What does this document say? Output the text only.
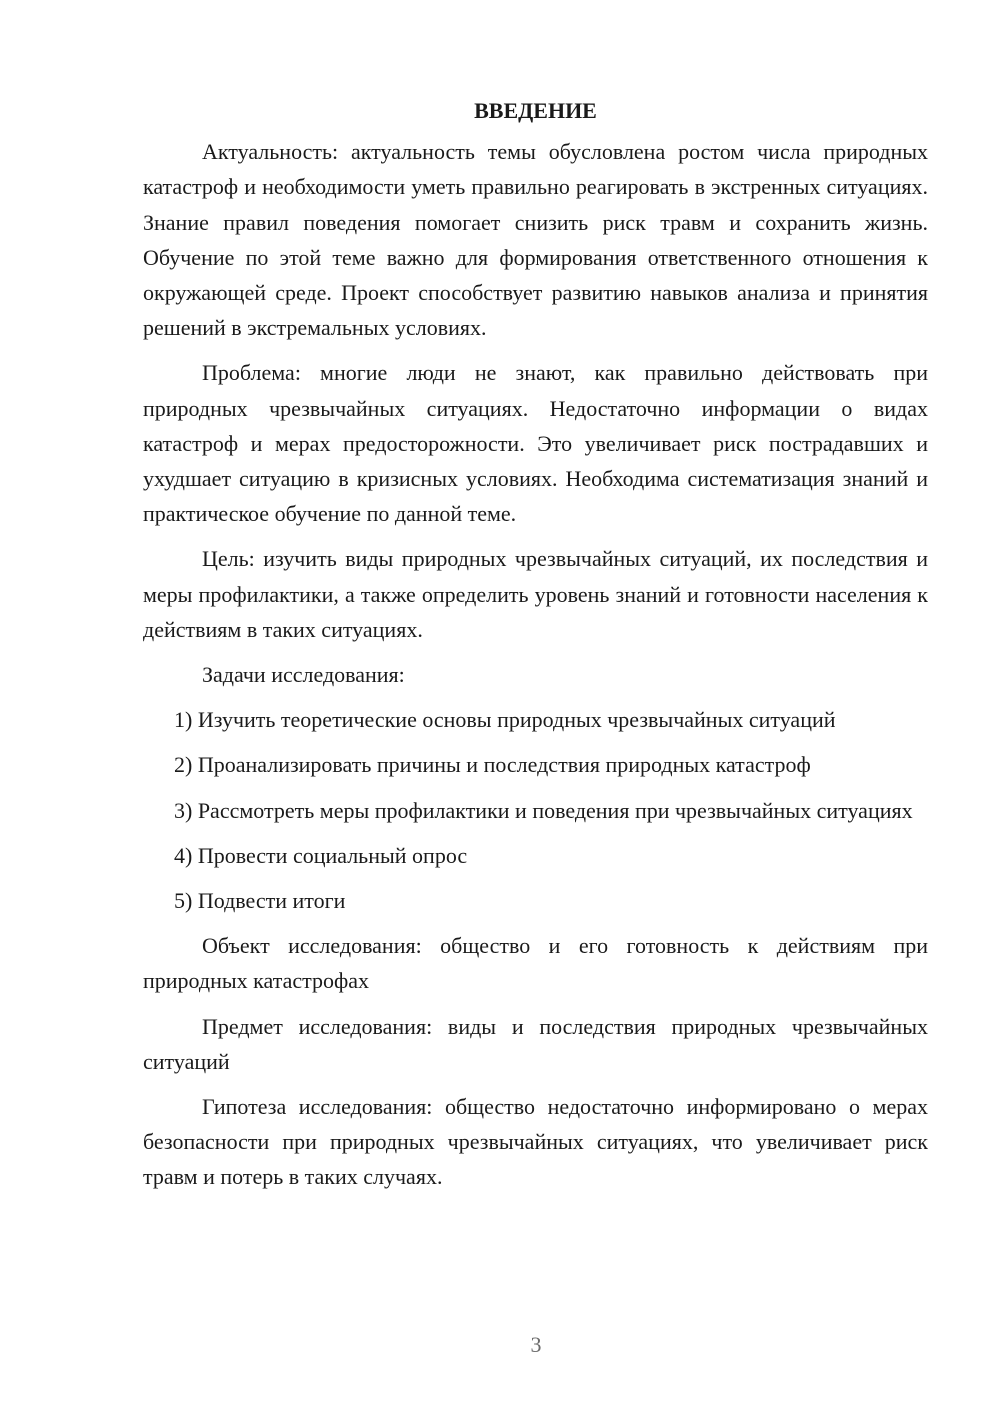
ВВЕДЕНИЕ

Актуальность: актуальность темы обусловлена ростом числа природных катастроф и необходимости уметь правильно реагировать в экстренных ситуациях. Знание правил поведения помогает снизить риск травм и сохранить жизнь. Обучение по этой теме важно для формирования ответственного отношения к окружающей среде. Проект способствует развитию навыков анализа и принятия решений в экстремальных условиях.

Проблема: многие люди не знают, как правильно действовать при природных чрезвычайных ситуациях. Недостаточно информации о видах катастроф и мерах предосторожности. Это увеличивает риск пострадавших и ухудшает ситуацию в кризисных условиях. Необходима систематизация знаний и практическое обучение по данной теме.

Цель: изучить виды природных чрезвычайных ситуаций, их последствия и меры профилактики, а также определить уровень знаний и готовности населения к действиям в таких ситуациях.

Задачи исследования:

1) Изучить теоретические основы природных чрезвычайных ситуаций

2) Проанализировать причины и последствия природных катастроф

3) Рассмотреть меры профилактики и поведения при чрезвычайных ситуациях

4) Провести социальный опрос

5) Подвести итоги

Объект исследования: общество и его готовность к действиям при природных катастрофах

Предмет исследования: виды и последствия природных чрезвычайных ситуаций

Гипотеза исследования: общество недостаточно информировано о мерах безопасности при природных чрезвычайных ситуациях, что увеличивает риск травм и потерь в таких случаях.

3
